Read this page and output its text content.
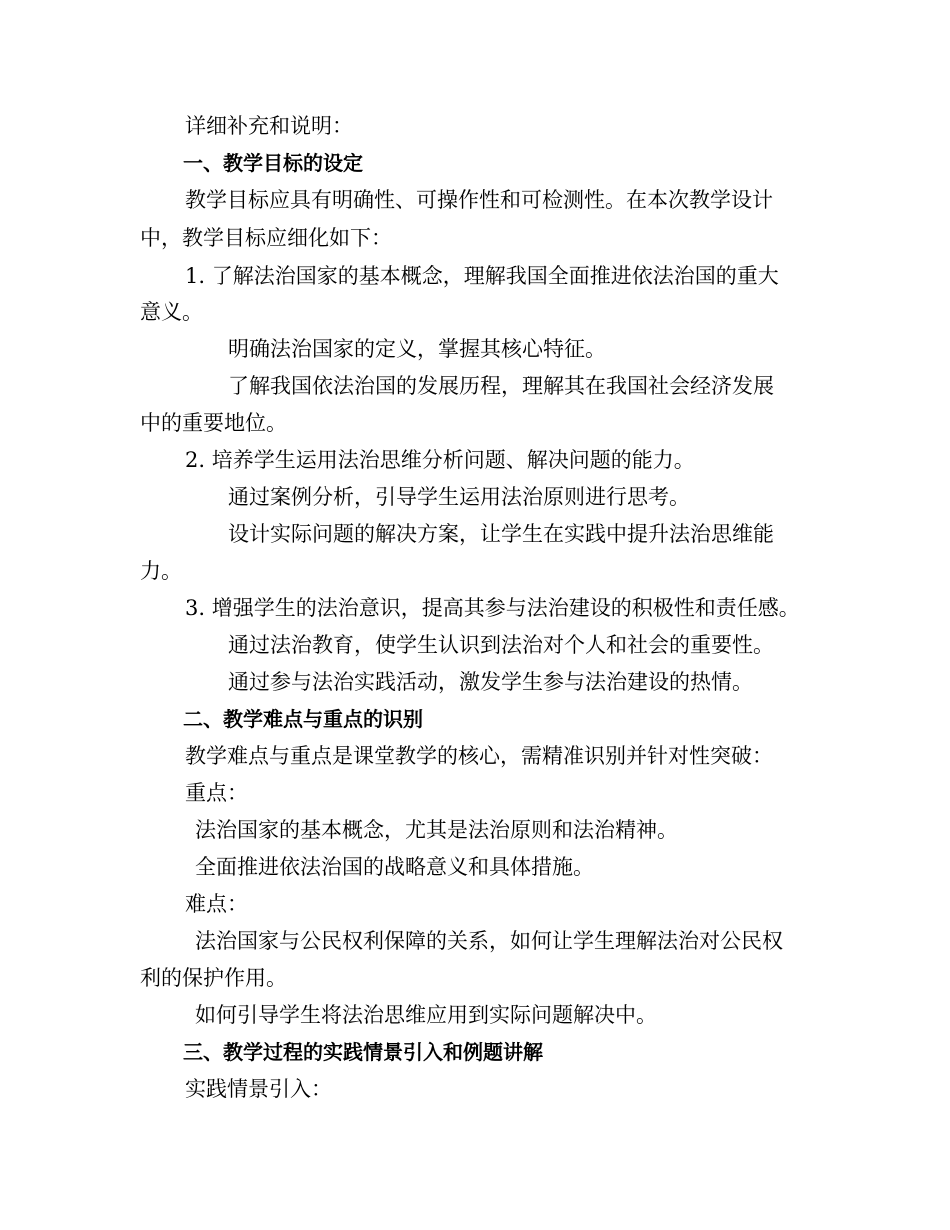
详细补充和说明：
一、教学目标的设定
教学目标应具有明确性、可操作性和可检测性。在本次教学设计
中，教学目标应细化如下：
1. 了解法治国家的基本概念，理解我国全面推进依法治国的重大
意义。
明确法治国家的定义，掌握其核心特征。
了解我国依法治国的发展历程，理解其在我国社会经济发展
中的重要地位。
2. 培养学生运用法治思维分析问题、解决问题的能力。
通过案例分析，引导学生运用法治原则进行思考。
设计实际问题的解决方案，让学生在实践中提升法治思维能
力。
3. 增强学生的法治意识，提高其参与法治建设的积极性和责任感。
通过法治教育，使学生认识到法治对个人和社会的重要性。
通过参与法治实践活动，激发学生参与法治建设的热情。
二、教学难点与重点的识别
教学难点与重点是课堂教学的核心，需精准识别并针对性突破：
重点：
法治国家的基本概念，尤其是法治原则和法治精神。
全面推进依法治国的战略意义和具体措施。
难点：
法治国家与公民权利保障的关系，如何让学生理解法治对公民权
利的保护作用。
如何引导学生将法治思维应用到实际问题解决中。
三、教学过程的实践情景引入和例题讲解
实践情景引入：
